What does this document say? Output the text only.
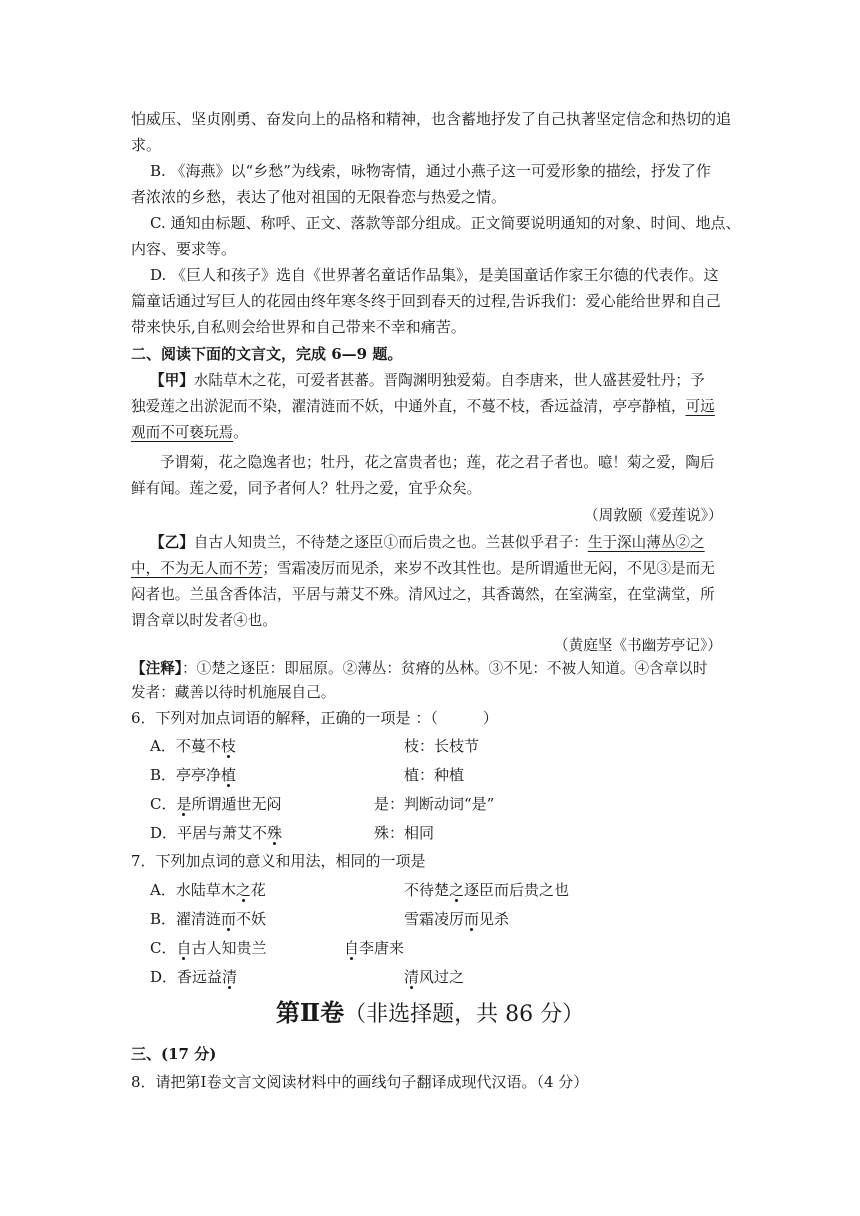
怕威压、坚贞刚勇、奋发向上的品格和精神，也含蓄地抒发了自己执著坚定信念和热切的追
求。
B. 《海燕》以“乡愁”为线索，咏物寄情，通过小燕子这一可爱形象的描绘，抒发了作
者浓浓的乡愁，表达了他对祖国的无限眷恋与热爱之情。
C. 通知由标题、称呼、正文、落款等部分组成。正文简要说明通知的对象、时间、地点、
内容、要求等。
D. 《巨人和孩子》选自《世界著名童话作品集》，是美国童话作家王尔德的代表作。这
篇童话通过写巨人的花园由终年寒冬终于回到春天的过程,告诉我们：爱心能给世界和自己
带来快乐,自私则会给世界和自己带来不幸和痛苦。
二、阅读下面的文言文，完成 6—9 题。
【甲】水陆草木之花，可爱者甚蕃。晋陶渊明独爱菊。自李唐来，世人盛甚爱牡丹；予
独爱莲之出淤泥而不染，濯清涟而不妖，中通外直，不蔓不枝，香远益清，亭亭静植，可远
观而不可亵玩焉。
予谓菊，花之隐逸者也；牡丹，花之富贵者也；莲，花之君子者也。噫！菊之爱，陶后
鲜有闻。莲之爱，同予者何人？牡丹之爱，宜乎众矣。
（周敦颐《爱莲说》）
【乙】自古人知贵兰，不待楚之逐臣①而后贵之也。兰甚似乎君子：生于深山薄丛②之
中，不为无人而不芳；雪霜凌厉而见杀，来岁不改其性也。是所谓遁世无闷，不见③是而无
闷者也。兰虽含香体洁，平居与萧艾不殊。清风过之，其香蔼然，在室满室，在堂满堂，所
谓含章以时发者④也。
（黄庭坚《书幽芳亭记》）
【注释】：①楚之逐臣：即屈原。②薄丛：贫瘠的丛林。③不见：不被人知道。④含章以时
发者：藏善以待时机施展自己。
6．下列对加点词语的解释，正确的一项是 ：（　　　）
A．不蔓不枝	枝：长枝节
B．亭亭净植	植：种植
C．是所谓遁世无闷	是：判断动词“是”
D．平居与萧艾不殊	殊：相同
7．下列加点词的意义和用法，相同的一项是
A．水陆草木之花	不待楚之逐臣而后贵之也
B．濯清涟而不妖	雪霜凌厉而见杀
C．自古人知贵兰	自李唐来
D．香远益清	清风过之
第Ⅱ卷（非选择题，共 86 分）
三、(17 分)
8．请把第Ⅰ卷文言文阅读材料中的画线句子翻译成现代汉语。（4 分）
